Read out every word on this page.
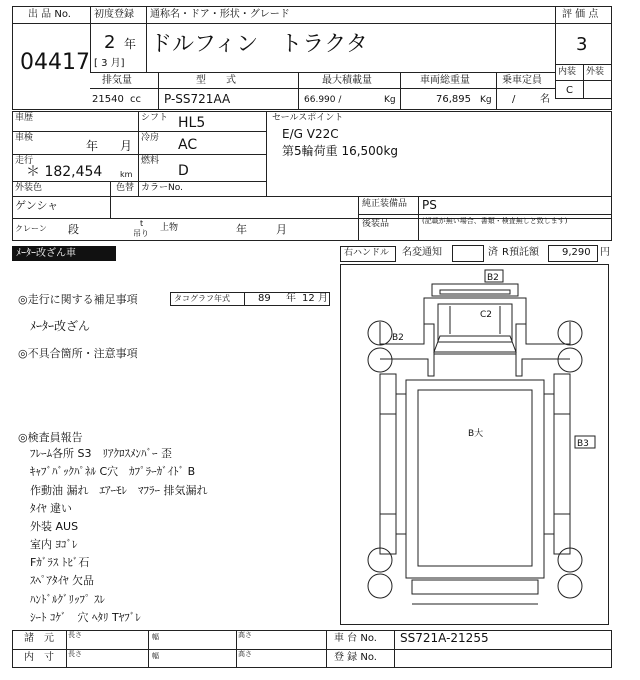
出 品 No.
04417
初度登録
2 年
[ 3 月]
通称名・ドア・形状・グレード
ドルフィン　トラクタ
評 価 点
3
内装 外装
C
排気量	型　　式	最大積載量	車両総重量	乗車定員
21540 cc P-SS721AA	66.990 /	Kg	76,895 Kg / 名
車歴	シフト HL5
車検
年 月
冷房 AC
走行
＊ 182,454 km
燃料
D
外装色
ゲンシャ
色替 カラーNo.
クレーン 段	t
吊り
上物	年	月
セールスポイント
E/G V22C
第5輪荷重 16,500kg
純正装備品 PS
後装品	(記載が無い場合、書類・検査無しと致します)
ﾒｰﾀｰ改ざん車	右ハンドル 名変通知	済 R預託額 9,290 円
◎走行に関する補足事項	タコグラフ年式	89 年 12 月
ﾒｰﾀｰ改ざん
◎不具合箇所・注意事項
◎検査員報告
ﾌﾚｰﾑ各所 S3　ﾘｱｸﾛｽﾒﾝﾊﾞｰ 歪
ｷｬﾌﾞﾊﾞｯｸﾊﾟﾈﾙ C穴　ｶﾌﾟﾗｰｶﾞｲﾄﾞ B
作動油 漏れ　ｴｱｰﾓﾚ　ﾏﾌﾗｰ 排気漏れ
ﾀｲﾔ 違い
外装 AUS
室内 ﾖｺﾞﾚ
Fｶﾞﾗｽ ﾄﾋﾞ石
ｽﾍﾟｱﾀｲﾔ 欠品
ﾊﾝﾄﾞﾙｸﾞﾘｯﾌﾟ ｽﾚ
ｼｰﾄ ｺｹﾞ　穴 ﾍﾀﾘ Tﾔﾌﾞﾚ
B2
C2
B2
B大
B3
諸　元
内　寸
長さ	幅	高さ
長さ	幅	高さ
車 台 No. SS721A-21255
登 録 No.
